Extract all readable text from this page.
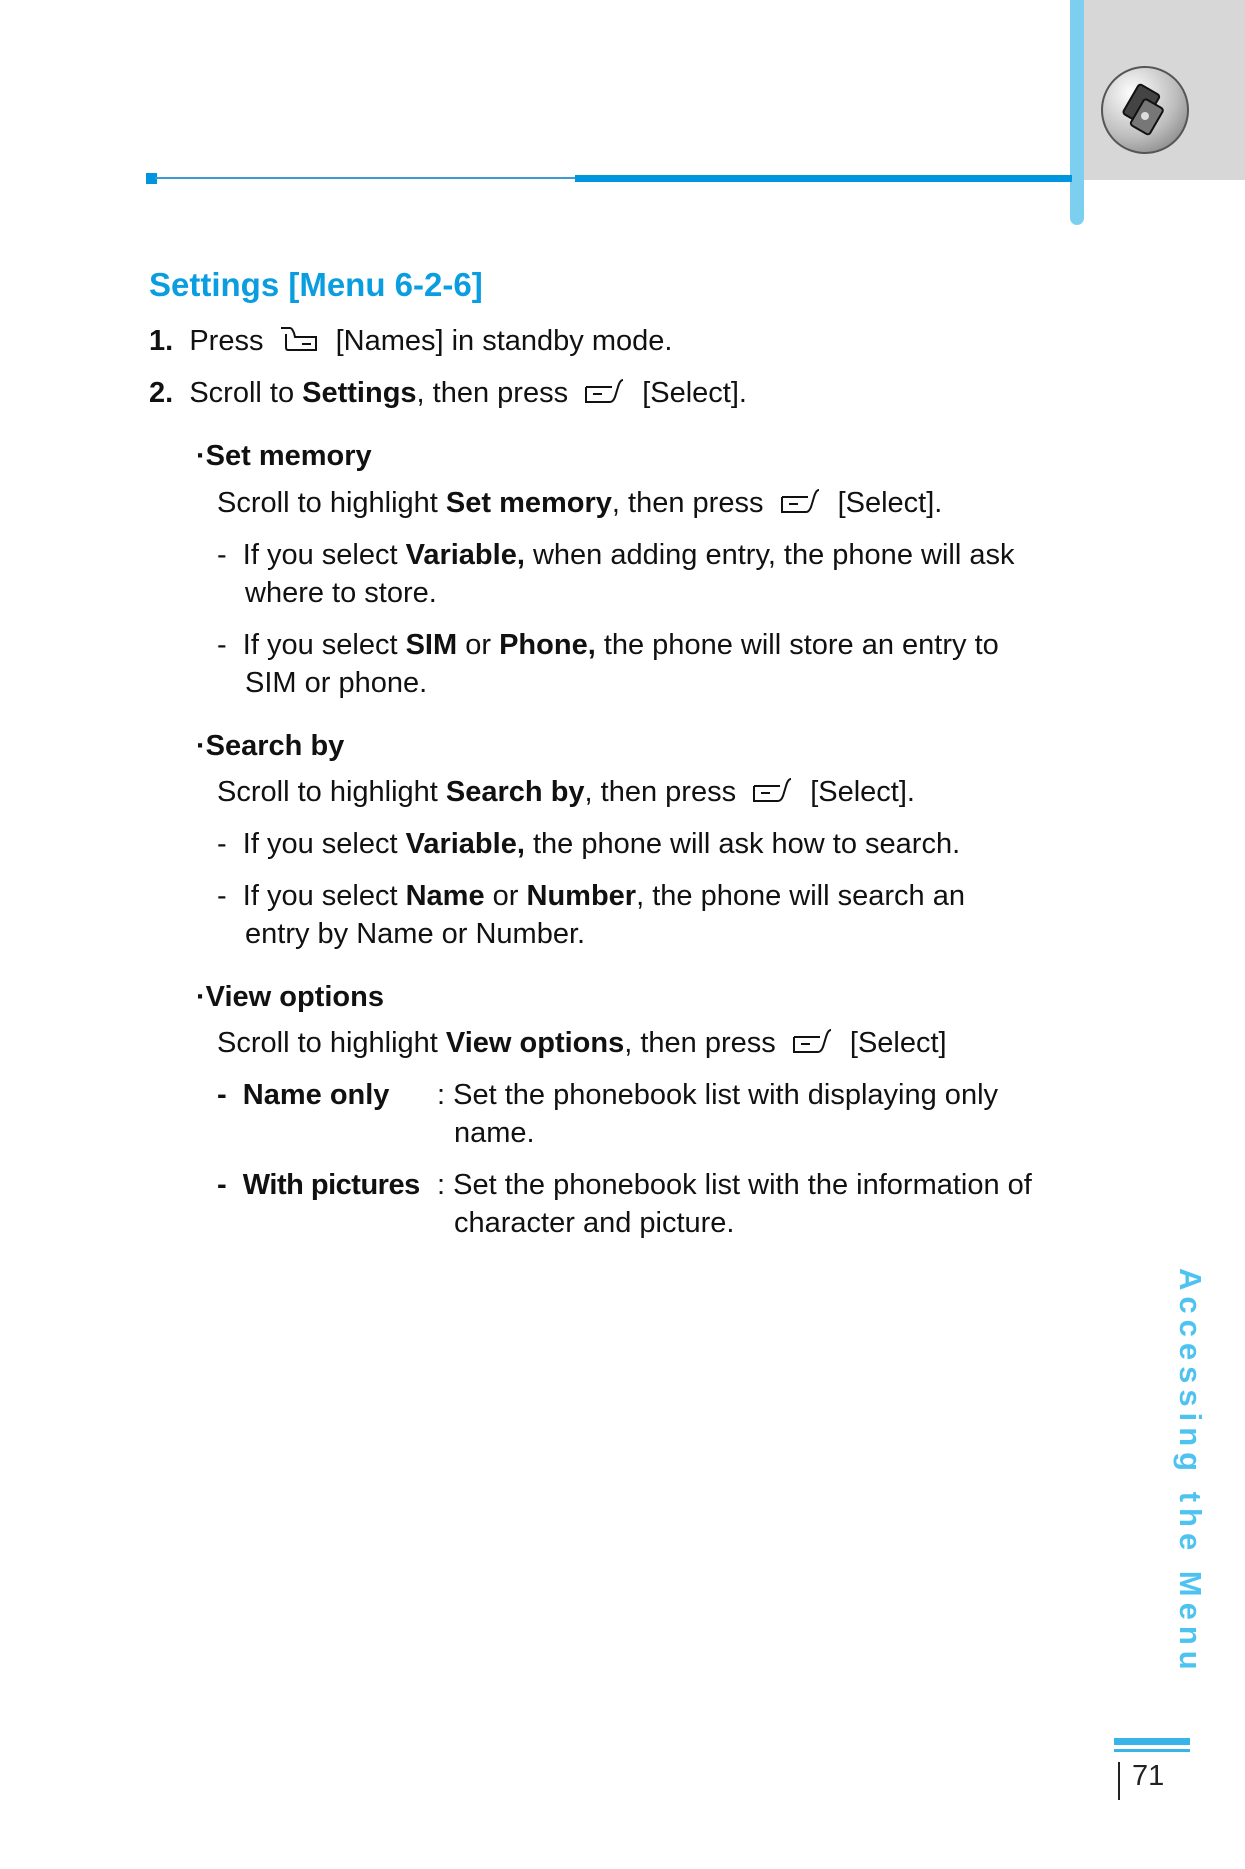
Settings [Menu 6-2-6]
1. Press [Names] in standby mode.
2. Scroll to Settings, then press	[Select].
·Set memory
Scroll to highlight Set memory, then press	[Select].
-  If you select Variable, when adding entry, the phone will ask
where to store.
-  If you select SIM or Phone, the phone will store an entry to
SIM or phone.
·Search by
Scroll to highlight Search by, then press	[Select].
-  If you select Variable, the phone will ask how to search.
-  If you select Name or Number, the phone will search an
entry by Name or Number.
·View options
Scroll to highlight View options, then press	[Select]
-  Name only : Set the phonebook list with displaying only
name.
-  With pictures : Set the phonebook list with the information of
character and picture.
Accessing the Menu
71
